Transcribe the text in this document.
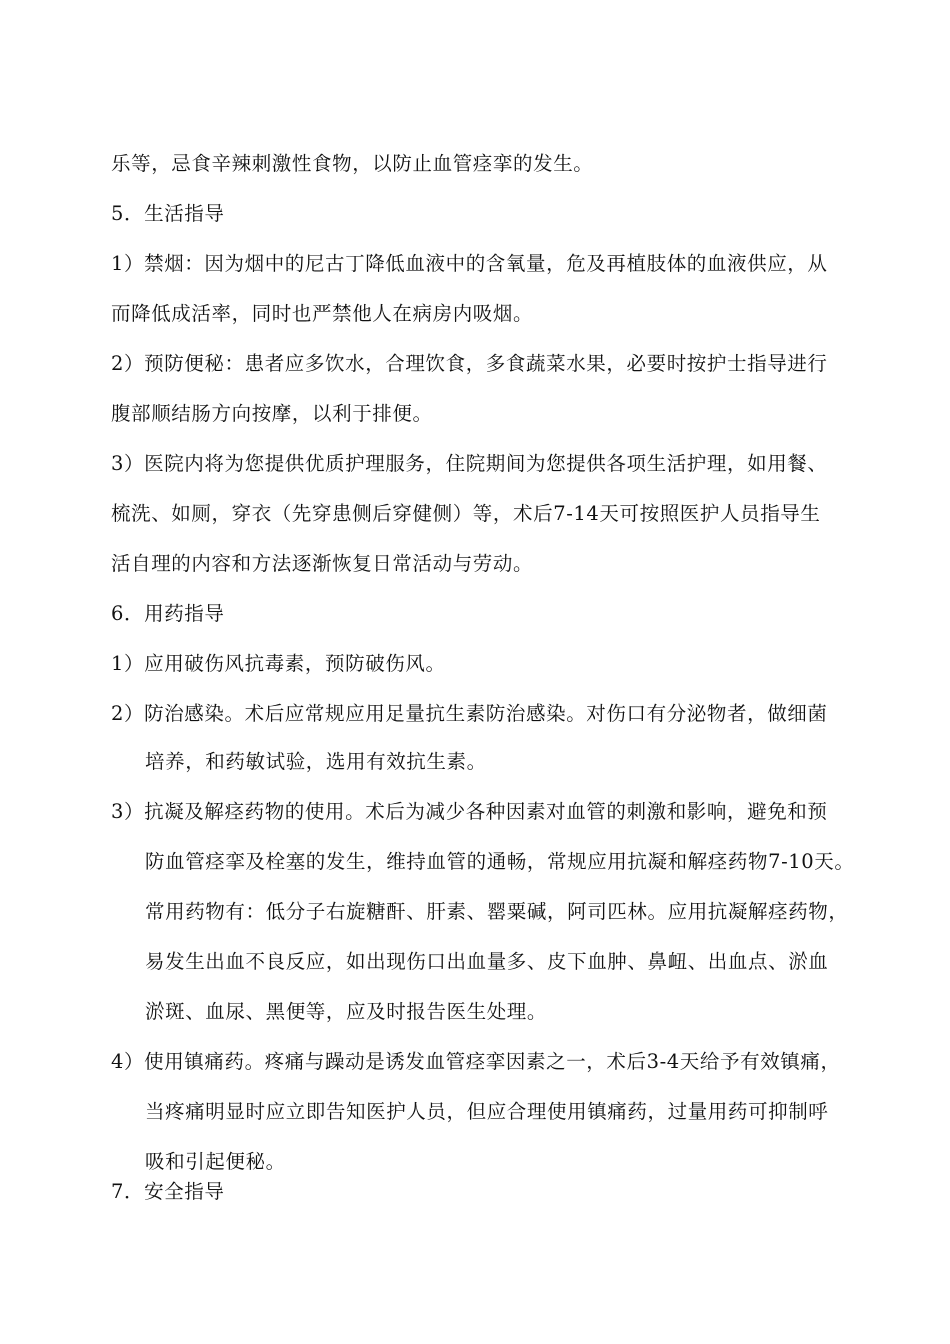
乐等，忌食辛辣刺激性食物，以防止血管痉挛的发生。
5．生活指导
1）禁烟：因为烟中的尼古丁降低血液中的含氧量，危及再植肢体的血液供应，从
而降低成活率，同时也严禁他人在病房内吸烟。
2）预防便秘：患者应多饮水，合理饮食，多食蔬菜水果，必要时按护士指导进行
腹部顺结肠方向按摩，以利于排便。
3）医院内将为您提供优质护理服务，住院期间为您提供各项生活护理，如用餐、
梳洗、如厕，穿衣（先穿患侧后穿健侧）等，术后7-14天可按照医护人员指导生
活自理的内容和方法逐渐恢复日常活动与劳动。
6．用药指导
1）应用破伤风抗毒素，预防破伤风。
2）防治感染。术后应常规应用足量抗生素防治感染。对伤口有分泌物者，做细菌
培养，和药敏试验，选用有效抗生素。
3）抗凝及解痉药物的使用。术后为减少各种因素对血管的刺激和影响，避免和预
防血管痉挛及栓塞的发生，维持血管的通畅，常规应用抗凝和解痉药物7-10天。
常用药物有：低分子右旋糖酐、肝素、罂粟碱，阿司匹林。应用抗凝解痉药物，
易发生出血不良反应，如出现伤口出血量多、皮下血肿、鼻衄、出血点、淤血
淤斑、血尿、黑便等，应及时报告医生处理。
4）使用镇痛药。疼痛与躁动是诱发血管痉挛因素之一，术后3-4天给予有效镇痛，
当疼痛明显时应立即告知医护人员，但应合理使用镇痛药，过量用药可抑制呼
吸和引起便秘。
7．安全指导
